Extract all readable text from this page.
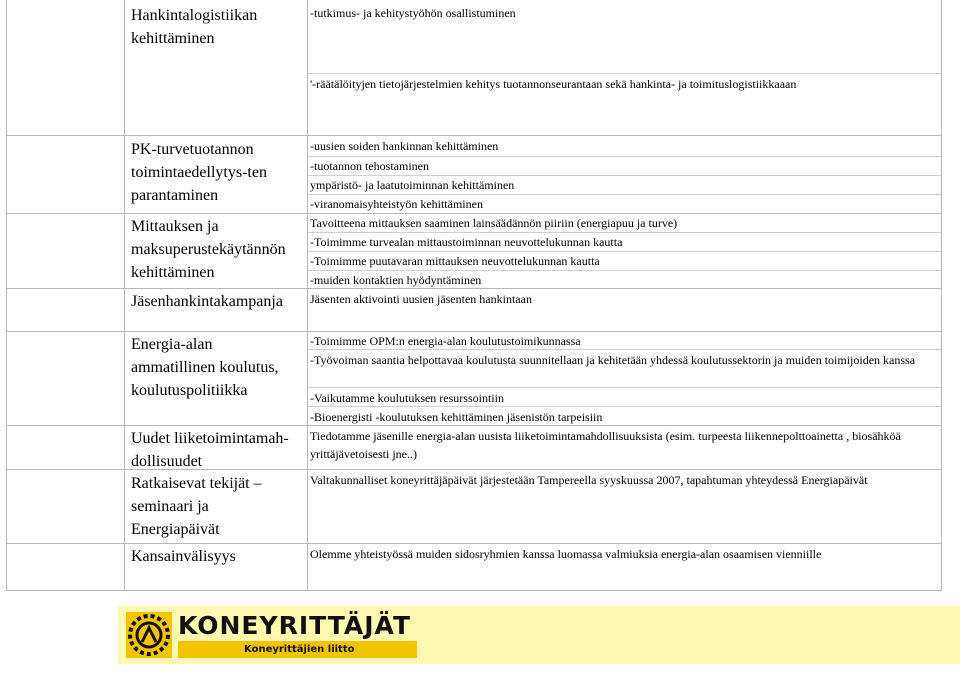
Hankintalogistiikan kehittäminen
-tutkimus- ja kehitystyöhön osallistuminen
'-räätälöityjen tietojärjestelmien kehitys tuotannonseurantaan sekä hankinta- ja toimituslogistiikkaaan
PK-turvetuotannon toimintaedellytys-ten parantaminen
-uusien soiden hankinnan kehittäminen
-tuotannon tehostaminen
ympäristö- ja laatutoiminnan kehittäminen
-viranomaisyhteistyön kehittäminen
Mittauksen ja maksuperustekäytännön kehittäminen
Tavoitteena mittauksen saaminen lainsäädännön piiriin (energiapuu ja turve)
-Toimimme turvealan mittaustoiminnan neuvottelukunnan kautta
-Toimimme puutavaran mittauksen neuvottelukunnan kautta
-muiden kontaktien hyödyntäminen
Jäsenhankintakampanja	Jäsenten aktivointi uusien jäsenten hankintaan
Energia-alan ammatillinen koulutus, koulutuspolitiikka
-Toimimme OPM:n energia-alan koulutustoimikunnassa
-Työvoiman saantia helpottavaa koulutusta suunnitellaan ja kehitetään yhdessä koulutussektorin ja muiden toimijoiden kanssa
-Vaikutamme koulutuksen resurssointiin
-Bioenergisti -koulutuksen kehittäminen jäsenistön tarpeisiin
Uudet liiketoimintamah-dollisuudet
Tiedotamme jäsenille energia-alan uusista liiketoimintamahdollisuuksista (esim. turpeesta liikennepolttoainetta , biosähköä yrittäjävetoisesti jne..)
Ratkaisevat tekijät –seminaari ja Energiapäivät
Valtakunnalliset koneyrittäjäpäivät järjestetään Tampereella syyskuussa 2007, tapahtuman yhteydessä Energiapäivät
Kansainvälisyys	Olemme yhteistyössä muiden sidosryhmien kanssa luomassa valmiuksia energia-alan osaamisen vienniille
KONEYRITTÄJÄT
Koneyrittäjien liitto
